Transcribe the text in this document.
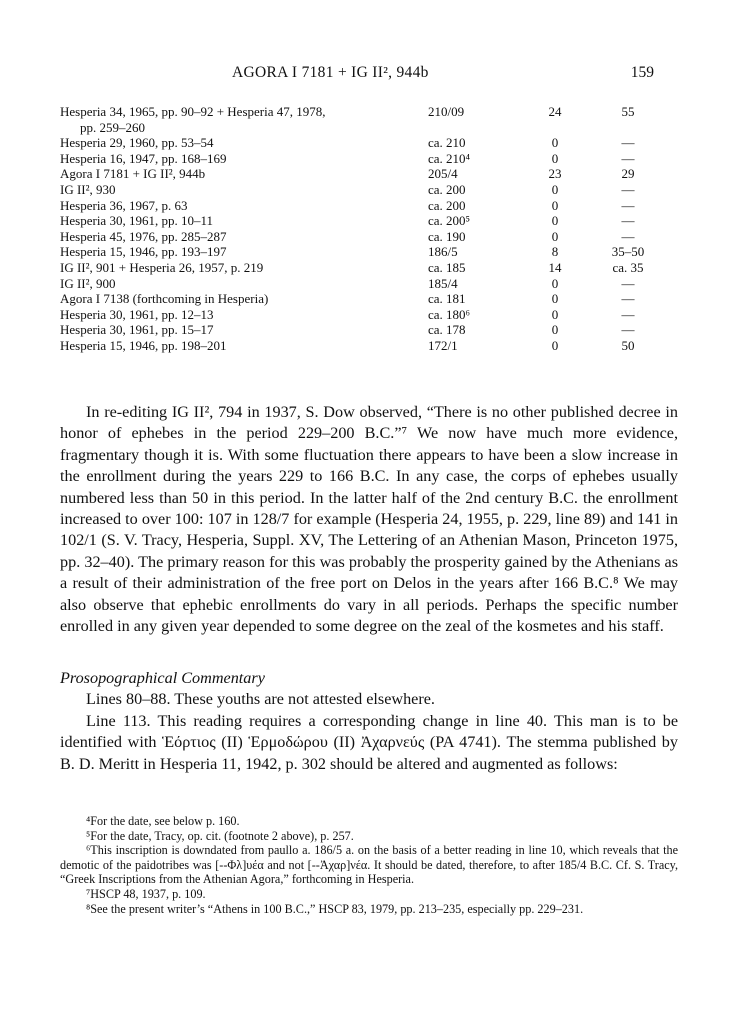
AGORA I 7181 + IG II², 944b	159
Hesperia 34, 1965, pp. 90–92 + Hesperia 47, 1978,
pp. 259–260	210/09	24	55
Hesperia 29, 1960, pp. 53–54	ca. 210	0	—
Hesperia 16, 1947, pp. 168–169	ca. 210⁴	0	—
Agora I 7181 + IG II², 944b	205/4	23	29
IG II², 930	ca. 200	0	—
Hesperia 36, 1967, p. 63	ca. 200	0	—
Hesperia 30, 1961, pp. 10–11	ca. 200⁵	0	—
Hesperia 45, 1976, pp. 285–287	ca. 190	0	—
Hesperia 15, 1946, pp. 193–197	186/5	8	35–50
IG II², 901 + Hesperia 26, 1957, p. 219	ca. 185	14	ca. 35
IG II², 900	185/4	0	—
Agora I 7138 (forthcoming in Hesperia)	ca. 181	0	—
Hesperia 30, 1961, pp. 12–13	ca. 180⁶	0	—
Hesperia 30, 1961, pp. 15–17	ca. 178	0	—
Hesperia 15, 1946, pp. 198–201	172/1	0	50

In re-editing IG II², 794 in 1937, S. Dow observed, “There is no other published decree in honor of ephebes in the period 229–200 B.C.”⁷ We now have much more evidence, fragmentary though it is. With some fluctuation there appears to have been a slow increase in the enrollment during the years 229 to 166 B.C. In any case, the corps of ephebes usually numbered less than 50 in this period. In the latter half of the 2nd century B.C. the enrollment increased to over 100: 107 in 128/7 for example (Hesperia 24, 1955, p. 229, line 89) and 141 in 102/1 (S. V. Tracy, Hesperia, Suppl. XV, The Lettering of an Athenian Mason, Princeton 1975, pp. 32–40). The primary reason for this was probably the prosperity gained by the Athenians as a result of their administration of the free port on Delos in the years after 166 B.C.⁸ We may also observe that ephebic enrollments do vary in all periods. Perhaps the specific number enrolled in any given year depended to some degree on the zeal of the kosmetes and his staff.

Prosopographical Commentary

Lines 80–88. These youths are not attested elsewhere.

Line 113. This reading requires a corresponding change in line 40. This man is to be identified with Ἑόρτιος (II) Ἑρμοδώρου (II) Ἀχαρνεύς (PA 4741). The stemma published by B. D. Meritt in Hesperia 11, 1942, p. 302 should be altered and augmented as follows:

⁴For the date, see below p. 160.

⁵For the date, Tracy, op. cit. (footnote 2 above), p. 257.

⁶This inscription is downdated from paullo a. 186/5 a. on the basis of a better reading in line 10, which reveals that the demotic of the paidotribes was [--Φλ]υέα and not [--Ἀχαρ]νέα. It should be dated, therefore, to after 185/4 B.C. Cf. S. Tracy, “Greek Inscriptions from the Athenian Agora,” forthcoming in Hesperia.

⁷HSCP 48, 1937, p. 109.

⁸See the present writer’s “Athens in 100 B.C.,” HSCP 83, 1979, pp. 213–235, especially pp. 229–231.
